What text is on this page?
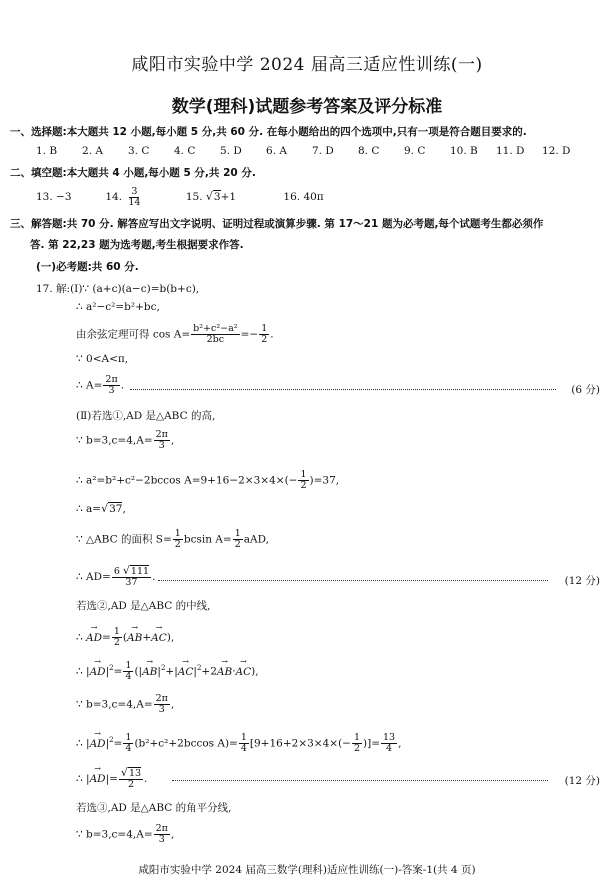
咸阳市实验中学 2024 届高三适应性训练(一)
数学(理科)试题参考答案及评分标准
一、选择题:本大题共 12 小题,每小题 5 分,共 60 分. 在每小题给出的四个选项中,只有一项是符合题目要求的.
1. B	2. A	3. C	4. C	5. D	6. A	7. D	8. C	9. C	10. B	11. D	12. D
二、填空题:本大题共 4 小题,每小题 5 分,共 20 分.
13. −3	14. $\frac{3}{14}$	15. √3+1	16. 40π
三、解答题:共 70 分. 解答应写出文字说明、证明过程或演算步骤. 第 17～21 题为必考题,每个试题考生都必须作
答. 第 22,23 题为选考题,考生根据要求作答.
(一)必考题:共 60 分.
17. 解:(Ⅰ)∵ (a+c)(a−c)=b(b+c),
∴ a²−c²=b²+bc,
由余弦定理可得 $\cos A= \frac{\text{b²+c²−a²}}{2bc} =- \frac{1}{2}$ .
∵ 0<A<π,
∴ $A= \frac{2\pi}{3}$ .	(6 分)
(Ⅱ)若选①,AD 是△ABC 的高,
∵ $b=3,c=4,A= \frac{2\pi}{3}$ ,
∴ a²=b²+c²−2bccos $A=9+16-2\times 3\times 4\times(- \frac{1}{2} )=37$,
∴ a=√37,
∵ △ABC 的面积 $S= \frac{1}{2}$ bcsin $A= \frac{1}{2}$ aAD,
∴ $AD= \frac{6 √111}{37}$ .	(12 分)
若选②,AD 是△ABC 的中线,
∴ → $AD= \frac{1}{2}$ (→ AB+→ AC),
∴ |→ $AD|^2= \frac{1}{4}$ (|→ $AB|^2+|\to AC|^2+2\to AB\cdot\to AC$),
∵ $b=3,c=4,A= \frac{2\pi}{3}$ ,
∴ |→ $AD|^2= \frac{1}{4} (b^2+c^2+2bccos$ $A)= \frac{1}{4} [9+16+2\times 3\times 4\times(- \frac{1}{2}$ )]= $\frac{13}{4}$ ,
∴ |→ $AD|= \frac{√13}{2}$ .	(12 分)
若选③,AD 是△ABC 的角平分线,
∵ $b=3,c=4,A= \frac{2\pi}{3}$ ,
咸阳市实验中学 2024 届高三数学(理科)适应性训练(一)-答案-1(共 4 页)
